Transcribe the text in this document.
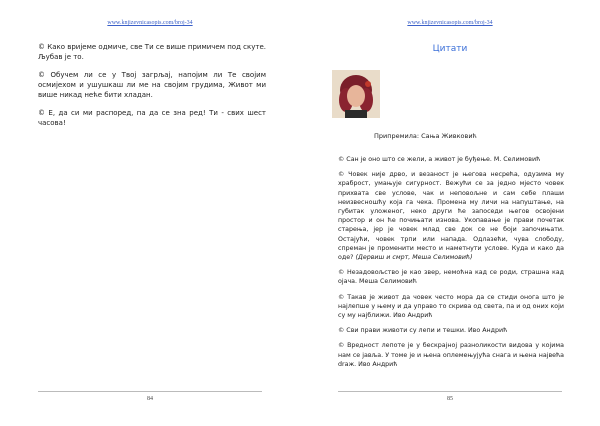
www.knjizevnicasopis.com/broj-34

© Како вријеме одмиче, све Ти се више примичем под скуте. Љубав је то.

© Обучем ли се у Твој загрљај, напојим ли Те својим осмијехом и ушушкаш ли ме на својим грудима, Живот ми више никад неће бити хладан.

© Е, да си ми распоред, па да се знa ред! Ти - свих шест часова!

84
www.knjizevnicasopis.com/broj-34
Цитати
85
Припремила: Сања Живковић

© Сан је оно што се жели, а живот је буђење. М. Селимовић

© Човек није дрво, и везаност је његова несрећа, одузима му храброст, умањује сигурност. Вежући се за једно мјесто човек прихвата све услове, чак и неповољне и сам себе плаши неизвесношћу која га чека. Промена му личи на напуштање, на губитак уложеног, неко други ће запоседи његов освојени простор и он ће почињати изнова. Укопавање је прави почетак старења, јер је човек млад све док се не боји започињати. Остајући, човек трпи или напада. Одлазећи, чува слободу, спреман је променити место и наметнути услове. Куда и како да оде? (Дервиш и смрт, Меша Селимовић)

© Незадовољство је као звер, немоћна кад се роди, страшна кад ојача. Меша Селимовић

© Такав је живот да човек често мора да се стиди онога што је најлепше у њему и да управо то скрива од света, па и од оних који су му најближи. Иво Андрић

© Сви прави животи су лепи и тешки. Иво Андрић

© Вредност лепоте је у бескрајној разноликости видова у којима нам се јавља. У томе је и њена оплемењујућа снага и њена највећа draж. Иво Андрић
